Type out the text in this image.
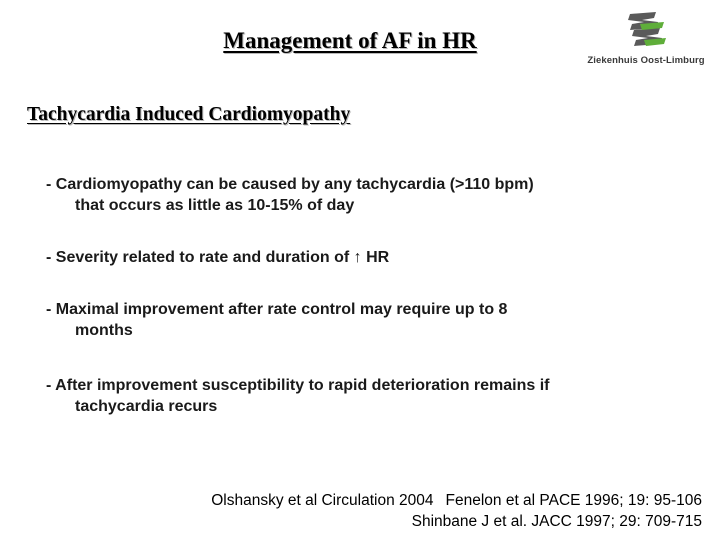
Management of AF in HR
Ziekenhuis Oost-Limburg
Tachycardia Induced Cardiomyopathy
- Cardiomyopathy can be caused by any tachycardia (>110 bpm)
that occurs as little as 10-15% of day
- Severity related to rate and duration of ↑ HR
- Maximal improvement after rate control may require up to 8
months
- After improvement susceptibility to rapid deterioration remains if
tachycardia recurs
Olshansky et al Circulation 2004 Fenelon et al PACE 1996; 19: 95-106
Shinbane J et al. JACC 1997; 29: 709-715
